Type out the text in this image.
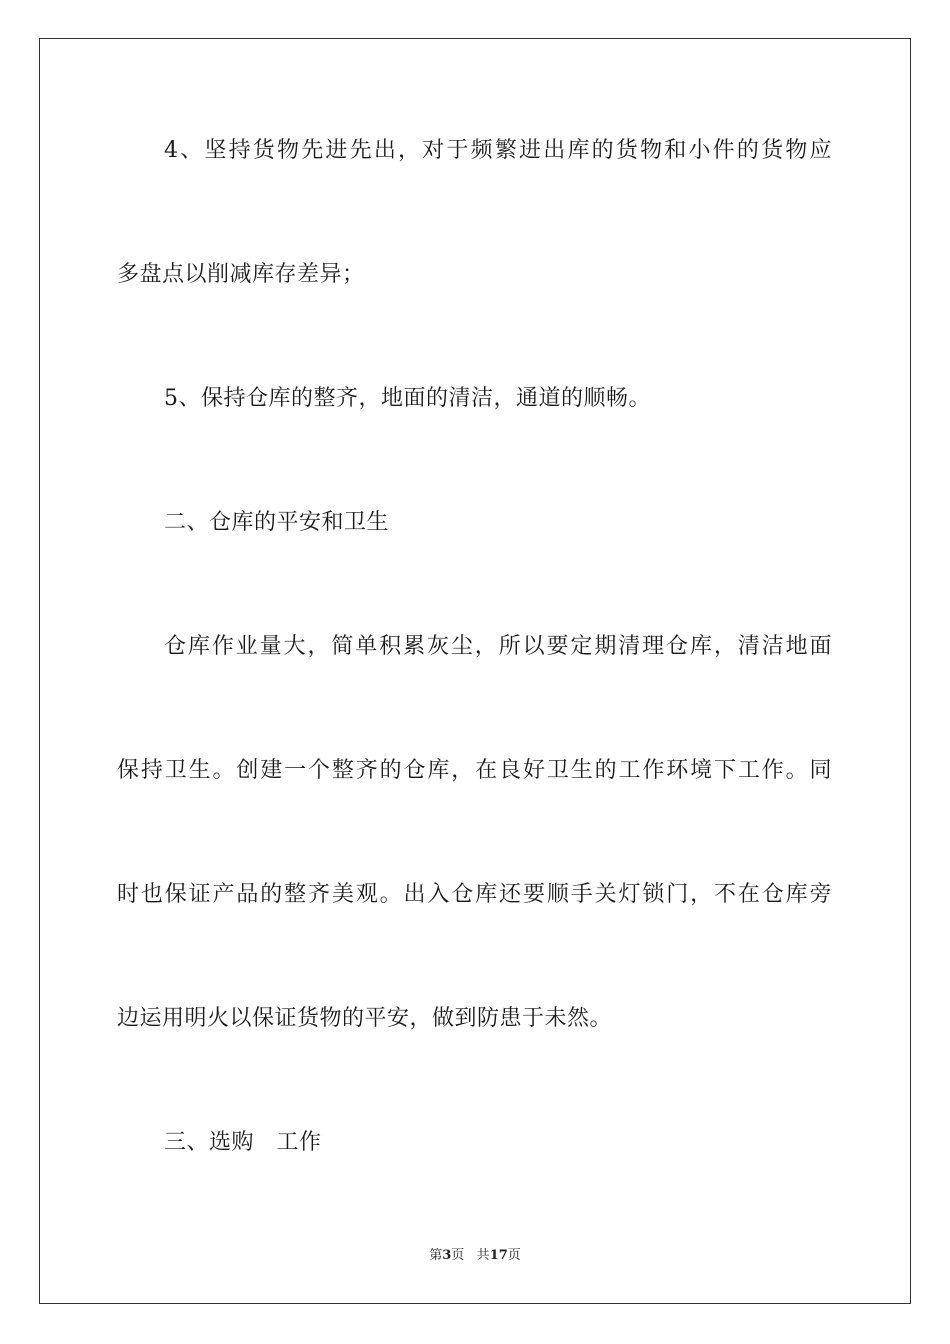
4、坚持货物先进先出，对于频繁进出库的货物和小件的货物应
多盘点以削减库存差异；
5、保持仓库的整齐，地面的清洁，通道的顺畅。
二、仓库的平安和卫生
仓库作业量大，简单积累灰尘，所以要定期清理仓库，清洁地面
保持卫生。创建一个整齐的仓库，在良好卫生的工作环境下工作。同
时也保证产品的整齐美观。出入仓库还要顺手关灯锁门，不在仓库旁
边运用明火以保证货物的平安，做到防患于未然。
三、选购　工作
第3页 共17页
